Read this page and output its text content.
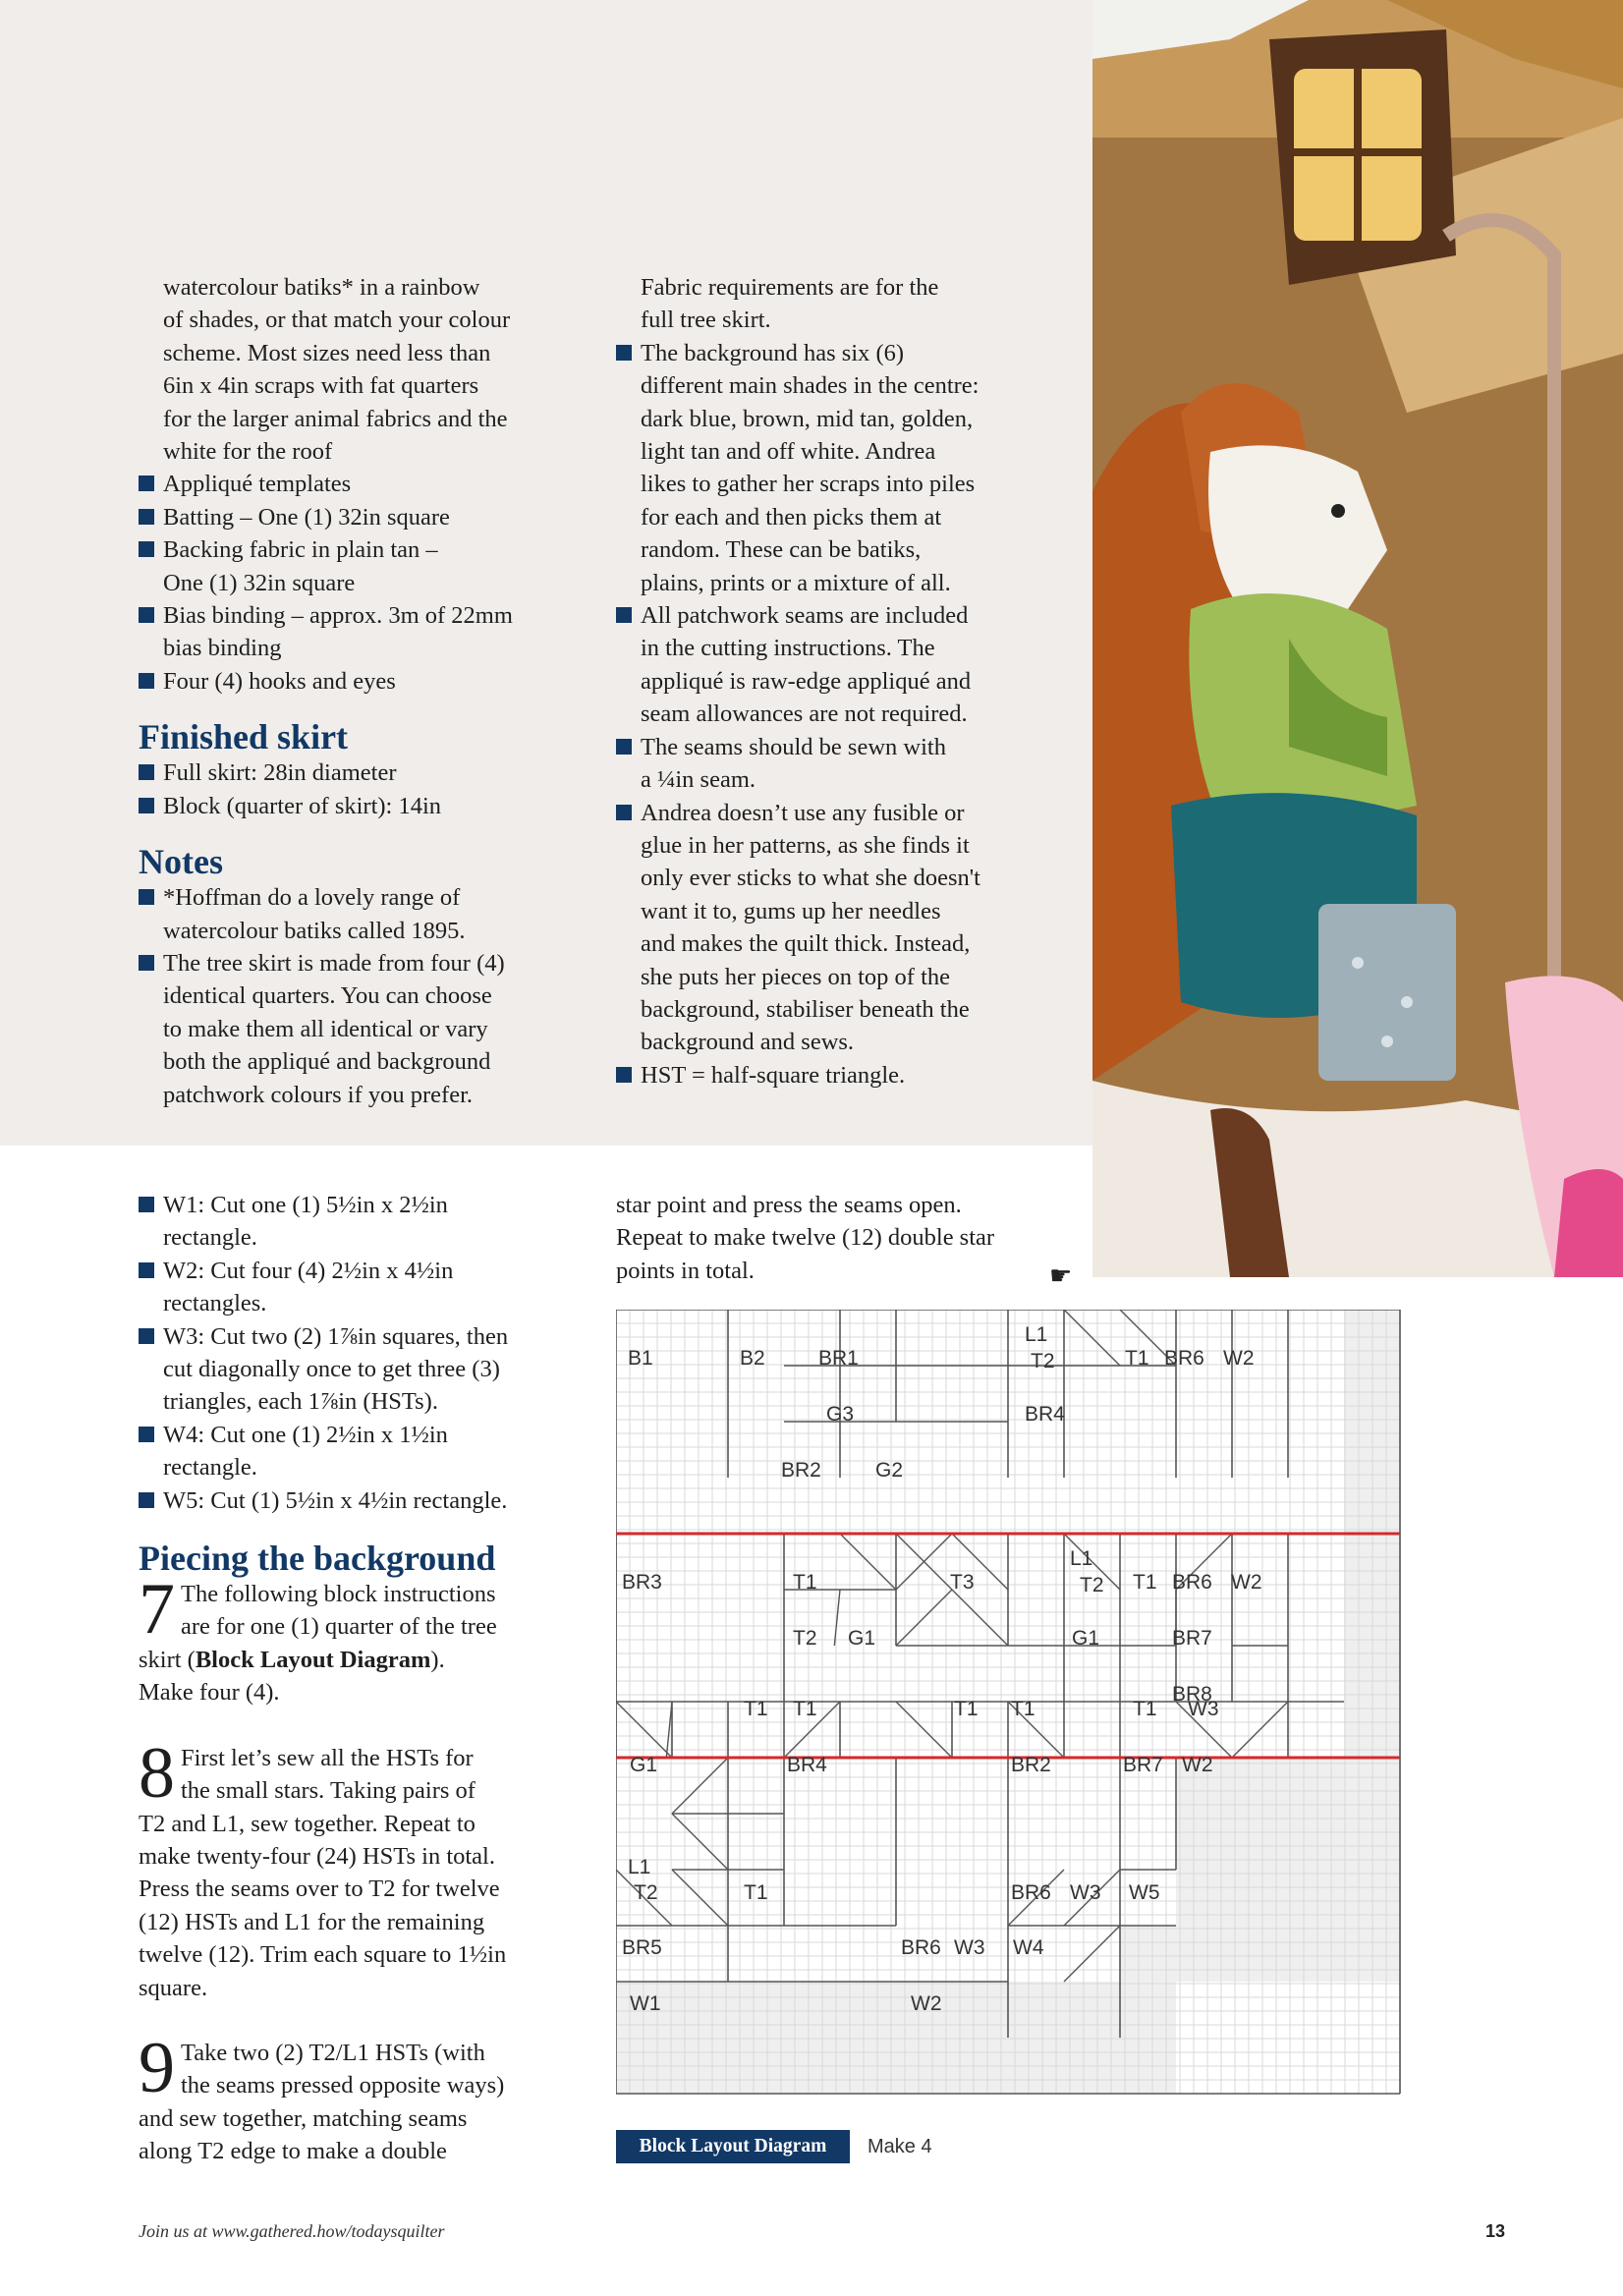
watercolour batiks* in a rainbow

of shades, or that match your colour

scheme. Most sizes need less than

6in x 4in scraps with fat quarters

for the larger animal fabrics and the

white for the roof

Appliqué templates

Batting – One (1) 32in square

Backing fabric in plain tan –

One (1) 32in square

Bias binding – approx. 3m of 22mm

bias binding

Four (4) hooks and eyes

Finished skirt

Full skirt: 28in diameter

Block (quarter of skirt): 14in

Notes

*Hoffman do a lovely range of

watercolour batiks called 1895.

The tree skirt is made from four (4)

identical quarters. You can choose

to make them all identical or vary

both the appliqué and background

patchwork colours if you prefer.

Fabric requirements are for the

full tree skirt.

The background has six (6)

different main shades in the centre:

dark blue, brown, mid tan, golden,

light tan and off white. Andrea

likes to gather her scraps into piles

for each and then picks them at

random. These can be batiks,

plains, prints or a mixture of all.

All patchwork seams are included

in the cutting instructions. The

appliqué is raw-edge appliqué and

seam allowances are not required.

The seams should be sewn with

a ¼in seam.

Andrea doesn’t use any fusible or

glue in her patterns, as she finds it

only ever sticks to what she doesn't

want it to, gums up her needles

and makes the quilt thick. Instead,

she puts her pieces on top of the

background, stabiliser beneath the

background and sews.

HST = half-square triangle.

W1: Cut one (1) 5½in x 2½in

rectangle.

W2: Cut four (4) 2½in x 4½in

rectangles.

W3: Cut two (2) 1⅞in squares, then

cut diagonally once to get three (3)

triangles, each 1⅞in (HSTs).

W4: Cut one (1) 2½in x 1½in

rectangle.

W5: Cut (1) 5½in x 4½in rectangle.

Piecing the background
7 The following block instructions

are for one (1) quarter of the tree

skirt (Block Layout Diagram).
Make four (4).
8 First let’s sew all the HSTs for

the small stars. Taking pairs of

T2 and L1, sew together. Repeat to

make twenty-four (24) HSTs in total.

Press the seams over to T2 for twelve

(12) HSTs and L1 for the remaining

twelve (12). Trim each square to 1½in

square.

9 Take two (2) T2/L1 HSTs (with

the seams pressed opposite ways)

and sew together, matching seams

along T2 edge to make a double

star point and press the seams open.

Repeat to make twelve (12) double star

points in total.	☛
B1	B2	BR1
L1
T2	T1 BR6 W2
G3	BR4
BR2	G2
BR3	T1	T3
L1
T2 T1 BR6 W2
T2 G1	G1	BR7
BR8
T1 T1	T1 T1	T1 W3
G1	BR4	BR2	BR7 W2
L1
T2	T1	BR6 W3 W5
BR5	BR6 W3 W4
W1	W2
Block Layout Diagram	Make 4
Join us at www.gathered.how/todaysquilter	13
